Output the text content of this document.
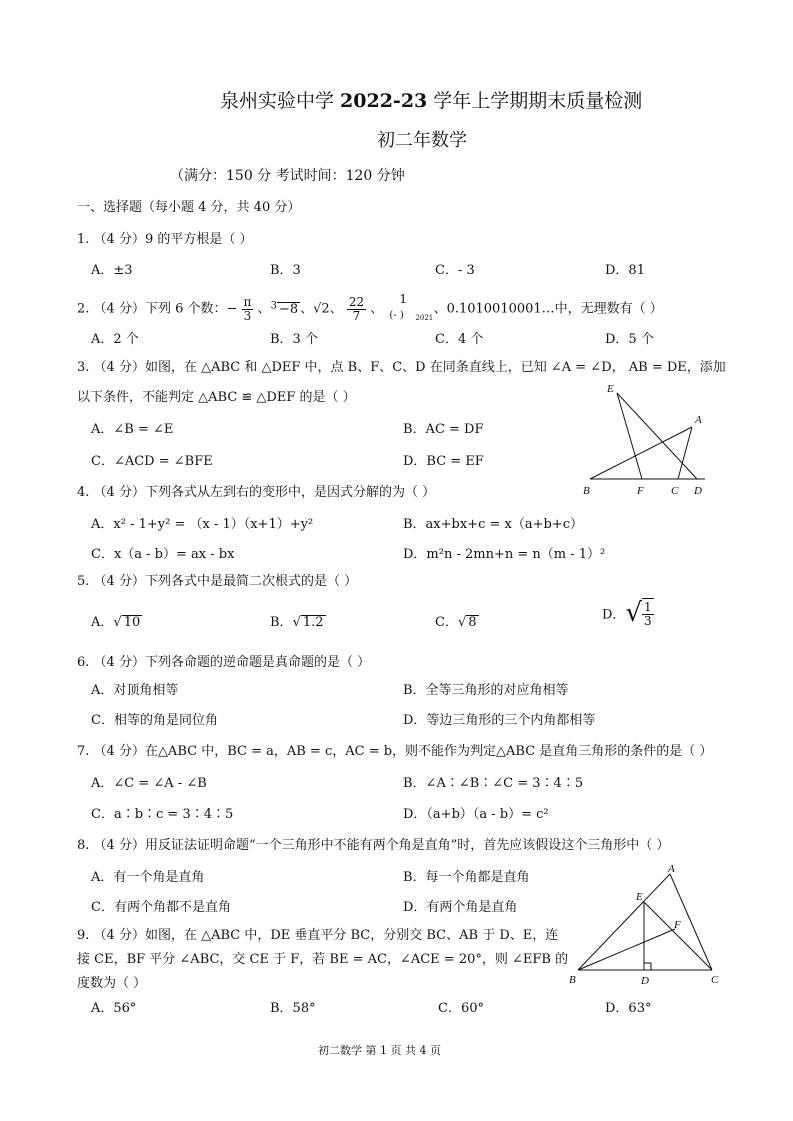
泉州实验中学 2022-23 学年上学期期末质量检测
初二年数学
（满分：150 分 考试时间：120 分钟
一、选择题（每小题 4 分，共 40 分）
1. （4 分）9 的平方根是（ ）
A．±3	B．3	C．- 3	D．81
2. （4 分）下列 6 个数：− $\frac{\pi}{3}$ 、$^3$ −8 、√2、 $\frac{22}{7}$ 、
1
(- ) 2021
、0.1010010001…中，无理数有（ ）
A．2 个	B．3 个	C．4 个	D．5 个
3. （4 分）如图，在 △ABC 和 △DEF 中，点 B、F、C、D 在同条直线上，已知 ∠A = ∠D， AB = DE，添加
以下条件，不能判定 △ABC ≌ △DEF 的是（ ）
A．∠B = ∠E	B．AC = DF
C．∠ACD = ∠BFE	D．BC = EF
E
A
B	F C D
4. （4 分）下列各式从左到右的变形中，是因式分解的为（ ）
A．x² - 1+y² = （x - 1）（x+1）+y²	B．ax+bx+c = x（a+b+c）
C．x（a - b）= ax - bx	D．m²n - 2mn+n = n（m - 1）²
5. （4 分）下列各式中是最简二次根式的是（ ）
A．√ 10	B．√ 1.2	C．√ 8	D．√ $\frac{1}{3}$
6. （4 分）下列各命题的逆命题是真命题的是（ ）
A．对顶角相等	B．全等三角形的对应角相等
C．相等的角是同位角	D．等边三角形的三个内角都相等
7. （4 分）在△ABC 中，BC = a，AB = c，AC = b，则不能作为判定△ABC 是直角三角形的条件的是（ ）
A．∠C = ∠A - ∠B	B．∠A∶∠B∶∠C = 3∶4∶5
C．a∶b∶c = 3∶4∶5	D．（a+b）（a - b）= c²
8. （4 分）用反证法证明命题“一个三角形中不能有两个角是直角”时，首先应该假设这个三角形中（ ）
A．有一个角是直角	B．每一个角都是直角
C．有两个角都不是直角	D．有两个角是直角
9. （4 分）如图，在 △ABC 中，DE 垂直平分 BC，分别交 BC、AB 于 D、E，连
接 CE，BF 平分 ∠ABC，交 CE 于 F，若 BE = AC，∠ACE = 20°，则 ∠EFB 的
度数为（ ）
A．56°	B．58°	C．60°	D．63°
A
E
F
B	D	C
初二数学 第 1 页 共 4 页
